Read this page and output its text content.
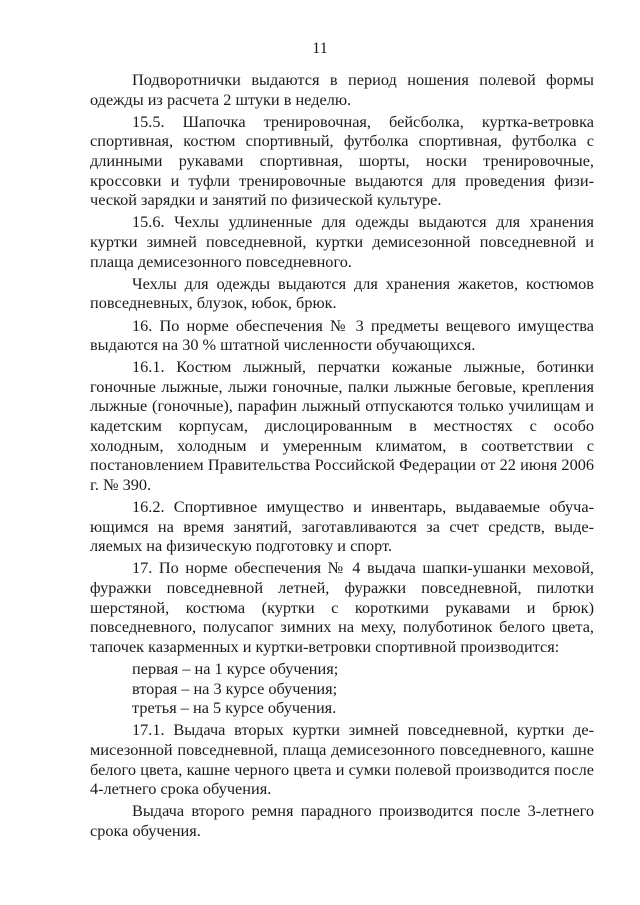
11

Подворотнички выдаются в период ношения полевой формы одежды из расчета 2 штуки в неделю.

15.5. Шапочка тренировочная, бейсболка, куртка-ветровка спортивная, костюм спортивный, футболка спортивная, футболка с длинными рукавами спортивная, шорты, носки тренировочные, кроссовки и туфли тренировочные выдаются для проведения физической зарядки и занятий по физической культуре.

15.6. Чехлы удлиненные для одежды выдаются для хранения куртки зимней повседневной, куртки демисезонной повседневной и плаща демисезонного повседневного.

Чехлы для одежды выдаются для хранения жакетов, костюмов повседневных, блузок, юбок, брюк.

16. По норме обеспечения № 3 предметы вещевого имущества выдаются на 30 % штатной численности обучающихся.

16.1. Костюм лыжный, перчатки кожаные лыжные, ботинки гоночные лыжные, лыжи гоночные, палки лыжные беговые, крепления лыжные (гоночные), парафин лыжный отпускаются только училищам и кадетским корпусам, дислоцированным в местностях с особо холодным, холодным и умеренным климатом, в соответствии с постановлением Правительства Российской Федерации от 22 июня 2006 г. № 390.

16.2. Спортивное имущество и инвентарь, выдаваемые обучающимся на время занятий, заготавливаются за счет средств, выделяемых на физическую подготовку и спорт.

17. По норме обеспечения № 4 выдача шапки-ушанки меховой, фуражки повседневной летней, фуражки повседневной, пилотки шерстяной, костюма (куртки с короткими рукавами и брюк) повседневного, полусапог зимних на меху, полуботинок белого цвета, тапочек казарменных и куртки-ветровки спортивной производится:

первая – на 1 курсе обучения;

вторая – на 3 курсе обучения;

третья – на 5 курсе обучения.

17.1. Выдача вторых куртки зимней повседневной, куртки демисезонной повседневной, плаща демисезонного повседневного, кашне белого цвета, кашне черного цвета и сумки полевой производится после 4-летнего срока обучения.

Выдача второго ремня парадного производится после 3-летнего срока обучения.
